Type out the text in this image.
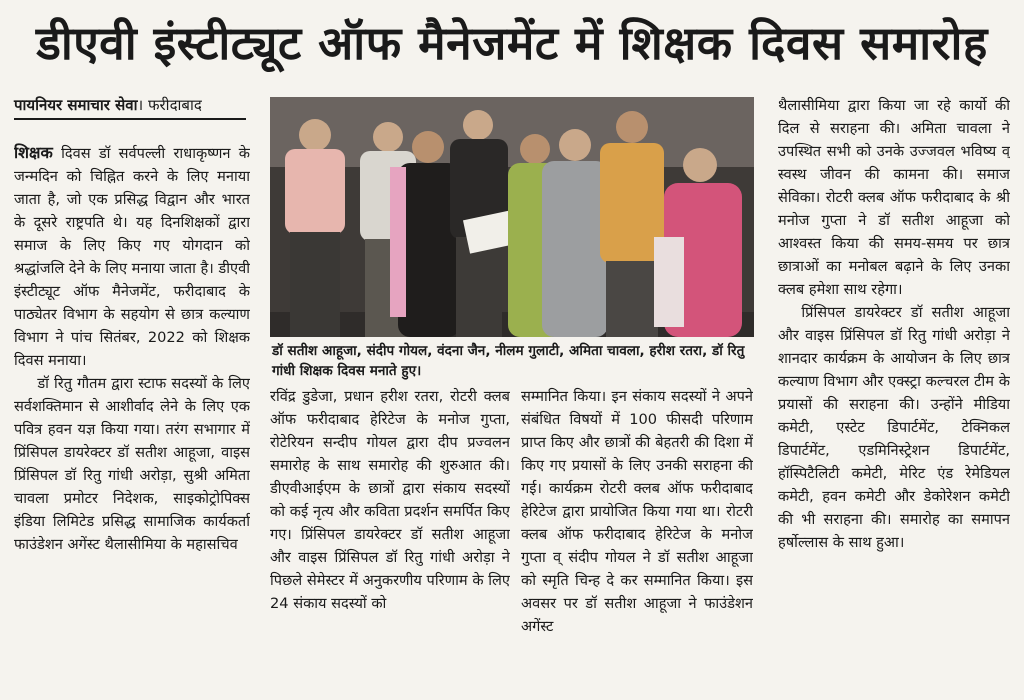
डीएवी इंस्टीट्यूट ऑफ मैनेजमेंट में शिक्षक दिवस समारोह
पायनियर समाचार सेवा। फरीदाबाद

शिक्षक दिवस डॉ सर्वपल्ली राधाकृष्णन के जन्मदिन को चिह्नित करने के लिए मनाया जाता है, जो एक प्रसिद्ध विद्वान और भारत के दूसरे राष्ट्रपति थे। यह दिनशिक्षकों द्वारा समाज के लिए किए गए योगदान को श्रद्धांजलि देने के लिए मनाया जाता है। डीएवी इंस्टीट्यूट ऑफ मैनेजमेंट, फरीदाबाद के पाठ्येतर विभाग के सहयोग से छात्र कल्याण विभाग ने पांच सितंबर, 2022 को शिक्षक दिवस मनाया।

डॉ रितु गौतम द्वारा स्टाफ सदस्यों के लिए सर्वशक्तिमान से आशीर्वाद लेने के लिए एक पवित्र हवन यज्ञ किया गया। तरंग सभागार में प्रिंसिपल डायरेक्टर डॉ सतीश आहूजा, वाइस प्रिंसिपल डॉ रितु गांधी अरोड़ा, सुश्री अमिता चावला प्रमोटर निदेशक, साइकोट्रोपिक्स इंडिया लिमिटेड प्रसिद्ध सामाजिक कार्यकर्ता फाउंडेशन अगेंस्ट थैलासीमिया के महासचिव

डॉ सतीश आहूजा, संदीप गोयल, वंदना जैन, नीलम गुलाटी, अमिता चावला, हरीश रतरा, डॉ रितु गांधी शिक्षक दिवस मनाते हुए।

रविंद्र डुडेजा, प्रधान हरीश रतरा, रोटरी क्लब ऑफ फरीदाबाद हेरिटेज के मनोज गुप्ता, रोटेरियन सन्दीप गोयल द्वारा दीप प्रज्वलन समारोह के साथ समारोह की शुरुआत की। डीएवीआईएम के छात्रों द्वारा संकाय सदस्यों को कई नृत्य और कविता प्रदर्शन समर्पित किए गए। प्रिंसिपल डायरेक्टर डॉ सतीश आहूजा और वाइस प्रिंसिपल डॉ रितु गांधी अरोड़ा ने पिछले सेमेस्टर में अनुकरणीय परिणाम के लिए 24 संकाय सदस्यों को

सम्मानित किया। इन संकाय सदस्यों ने अपने संबंधित विषयों में 100 फीसदी परिणाम प्राप्त किए और छात्रों की बेहतरी की दिशा में किए गए प्रयासों के लिए उनकी सराहना की गई। कार्यक्रम रोटरी क्लब ऑफ फरीदाबाद हेरिटेज द्वारा प्रायोजित किया गया था। रोटरी क्लब ऑफ फरीदाबाद हेरिटेज के मनोज गुप्ता व् संदीप गोयल ने डॉ सतीश आहूजा को स्मृति चिन्ह दे कर सम्मानित किया। इस अवसर पर डॉ सतीश आहूजा ने फाउंडेशन अगेंस्ट

थैलासीमिया द्वारा किया जा रहे कार्यो की दिल से सराहना की। अमिता चावला ने उपस्थित सभी को उनके उज्जवल भविष्य व् स्वस्थ जीवन की कामना की। समाज सेविका। रोटरी क्लब ऑफ फरीदाबाद के श्री मनोज गुप्ता ने डॉ सतीश आहूजा को आश्वस्त किया की समय-समय पर छात्र छात्राओं का मनोबल बढ़ाने के लिए उनका क्लब हमेशा साथ रहेगा।

प्रिंसिपल डायरेक्टर डॉ सतीश आहूजा और वाइस प्रिंसिपल डॉ रितु गांधी अरोड़ा ने शानदार कार्यक्रम के आयोजन के लिए छात्र कल्याण विभाग और एक्स्ट्रा कल्चरल टीम के प्रयासों की सराहना की। उन्होंने मीडिया कमेटी, एस्टेट डिपार्टमेंट, टेक्निकल डिपार्टमेंट, एडमिनिस्ट्रेशन डिपार्टमेंट, हॉस्पिटैलिटी कमेटी, मेरिट एंड रेमेडियल कमेटी, हवन कमेटी और डेकोरेशन कमेटी की भी सराहना की। समारोह का समापन हर्षोल्लास के साथ हुआ।
